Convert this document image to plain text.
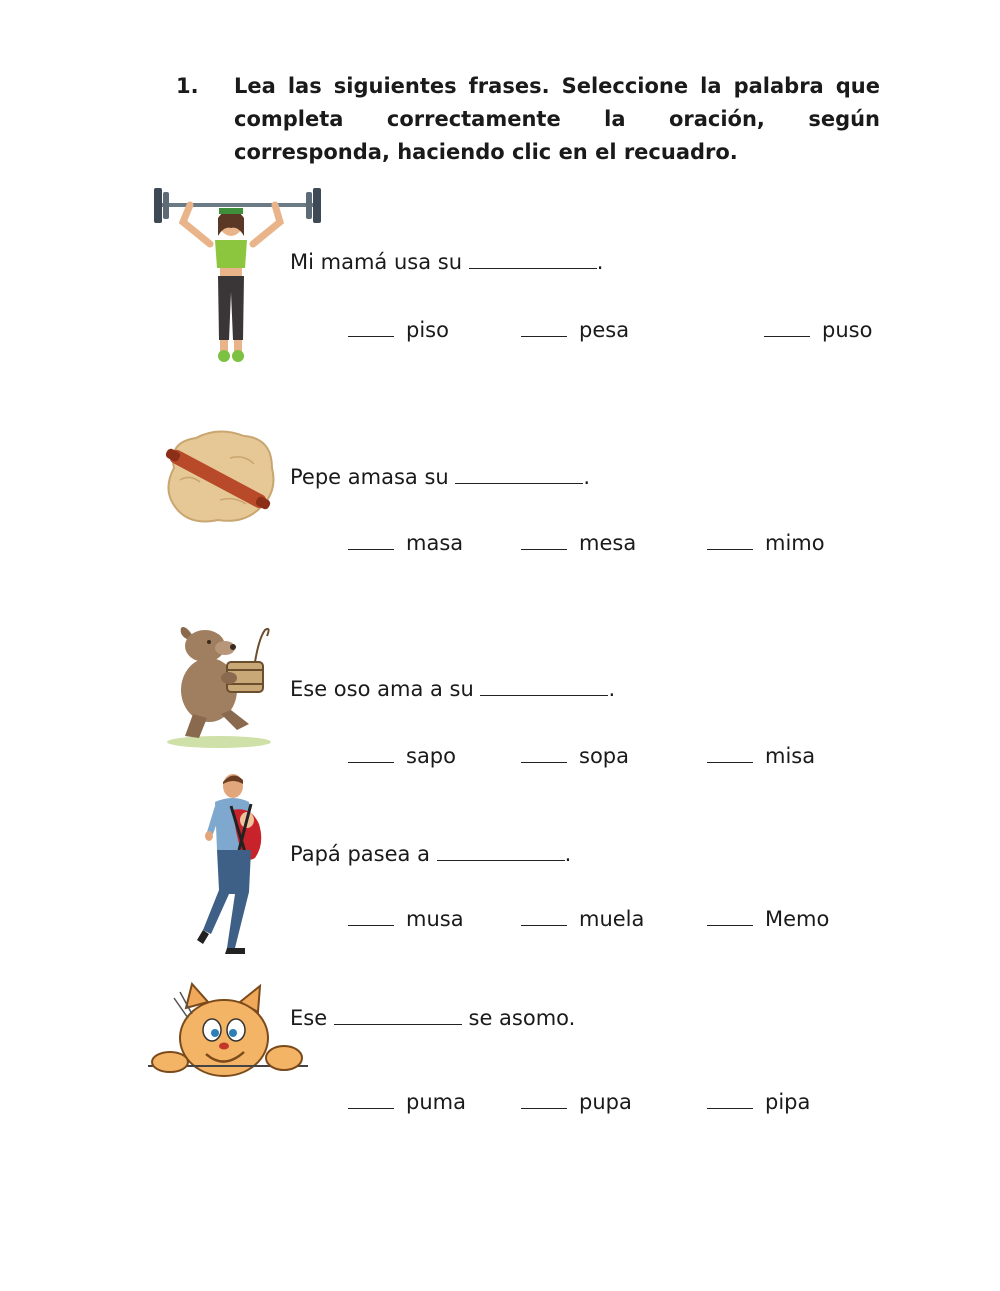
1. Lea las siguientes frases. Seleccione la palabra que completa correctamente la oración, según corresponda, haciendo clic en el recuadro.
Mi mamá usa su	.
piso	pesa	puso
Pepe amasa su	.
masa	mesa	mimo
Ese oso ama a su	.
sapo	sopa	misa
Papá pasea a	.
musa	muela	Memo
Ese	se asomo.
puma	pupa	pipa
